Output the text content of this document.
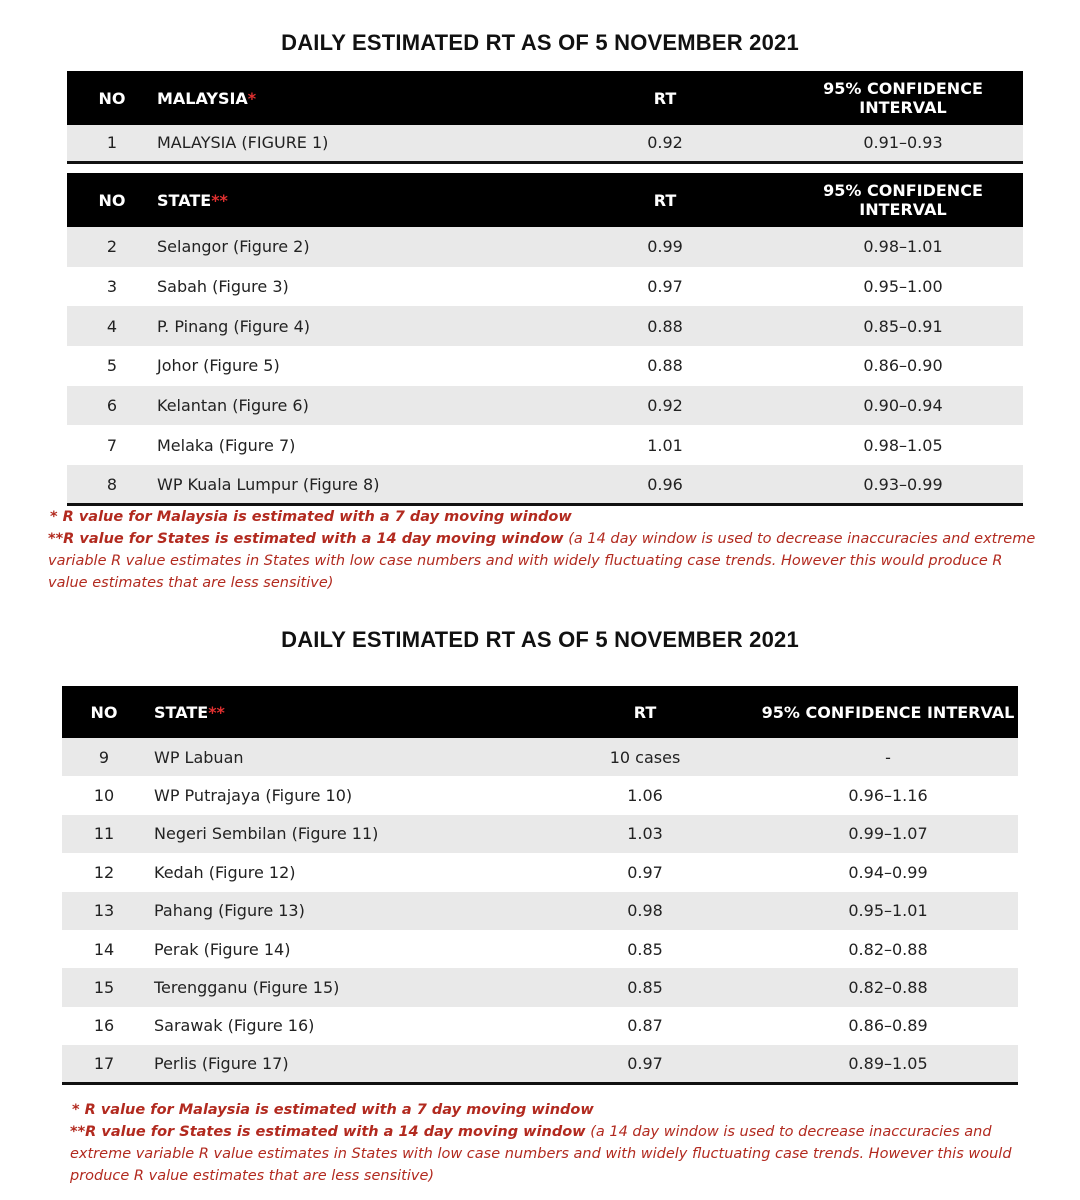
DAILY ESTIMATED RT AS OF 5 NOVEMBER 2021
NO	MALAYSIA*	RT	95% CONFIDENCE INTERVAL
1	MALAYSIA (FIGURE 1)	0.92	0.91–0.93
NO	STATE**	RT	95% CONFIDENCE INTERVAL
2	Selangor (Figure 2)	0.99	0.98–1.01
3	Sabah (Figure 3)	0.97	0.95–1.00
4	P. Pinang (Figure 4)	0.88	0.85–0.91
5	Johor (Figure 5)	0.88	0.86–0.90
6	Kelantan (Figure 6)	0.92	0.90–0.94
7	Melaka (Figure 7)	1.01	0.98–1.05
8	WP Kuala Lumpur (Figure 8)	0.96	0.93–0.99
* R value for Malaysia is estimated with a 7 day moving window
**R value for States is estimated with a 14 day moving window (a 14 day window is used to decrease inaccuracies and extreme variable R value estimates in States with low case numbers and with widely fluctuating case trends. However this would produce R value estimates that are less sensitive)
DAILY ESTIMATED RT AS OF 5 NOVEMBER 2021
NO	STATE**	RT	95% CONFIDENCE INTERVAL
9	WP Labuan	10 cases	-
10	WP Putrajaya (Figure 10)	1.06	0.96–1.16
11	Negeri Sembilan (Figure 11)	1.03	0.99–1.07
12	Kedah (Figure 12)	0.97	0.94–0.99
13	Pahang (Figure 13)	0.98	0.95–1.01
14	Perak (Figure 14)	0.85	0.82–0.88
15	Terengganu (Figure 15)	0.85	0.82–0.88
16	Sarawak (Figure 16)	0.87	0.86–0.89
17	Perlis (Figure 17)	0.97	0.89–1.05
* R value for Malaysia is estimated with a 7 day moving window
**R value for States is estimated with a 14 day moving window (a 14 day window is used to decrease inaccuracies and extreme variable R value estimates in States with low case numbers and with widely fluctuating case trends. However this would produce R value estimates that are less sensitive)
